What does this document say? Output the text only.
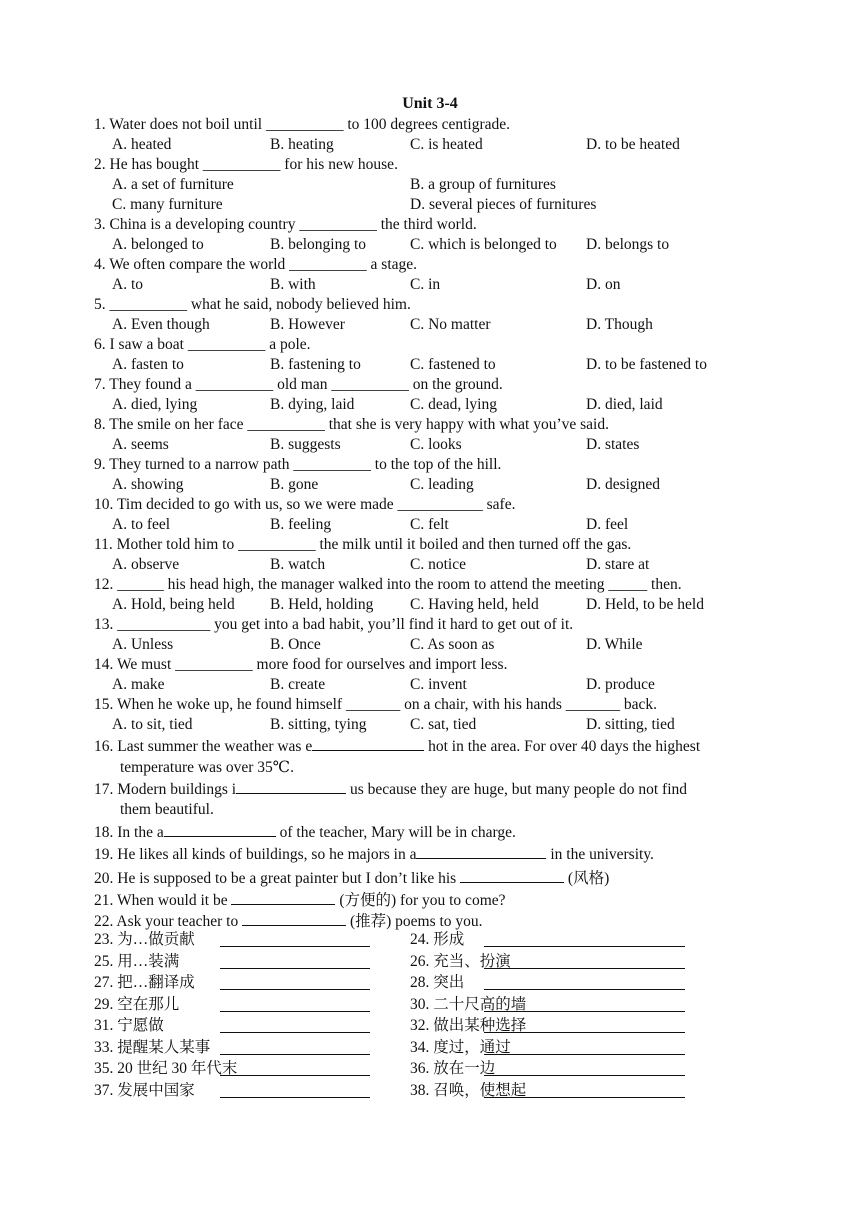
Unit 3-4
1. Water does not boil until __________ to 100 degrees centigrade.
A. heated	B. heating	C. is heated	D. to be heated
2. He has bought __________ for his new house.
A. a set of furniture	B. a group of furnitures
C. many furniture	D. several pieces of furnitures
3. China is a developing country __________ the third world.
A. belonged to	B. belonging to	C. which is belonged to D. belongs to
4. We often compare the world __________ a stage.
A. to	B. with	C. in	D. on
5. __________ what he said, nobody believed him.
A. Even though	B. However	C. No matter	D. Though
6. I saw a boat __________ a pole.
A. fasten to	B. fastening to	C. fastened to	D. to be fastened to
7. They found a __________ old man __________ on the ground.
A. died, lying	B. dying, laid	C. dead, lying	D. died, laid
8. The smile on her face __________ that she is very happy with what you’ve said.
A. seems	B. suggests	C. looks	D. states
9. They turned to a narrow path __________ to the top of the hill.
A. showing	B. gone	C. leading	D. designed
10. Tim decided to go with us, so we were made ___________ safe.
A. to feel	B. feeling	C. felt	D. feel
11. Mother told him to __________ the milk until it boiled and then turned off the gas.
A. observe	B. watch	C. notice	D. stare at
12. ______ his head high, the manager walked into the room to attend the meeting _____ then.
A. Hold, being held B. Held, holding C. Having held, held	D. Held, to be held
13. ____________ you get into a bad habit, you’ll find it hard to get out of it.
A. Unless	B. Once	C. As soon as	D. While
14. We must __________ more food for ourselves and import less.
A. make	B. create	C. invent	D. produce
15. When he woke up, he found himself _______ on a chair, with his hands _______ back.
A. to sit, tied	B. sitting, tying	C. sat, tied	D. sitting, tied
16. Last summer the weather was e	hot in the area. For over 40 days the highest
temperature was over 35℃.
17. Modern buildings i	us because they are huge, but many people do not find
them beautiful.
18. In the a	of the teacher, Mary will be in charge.
19. He likes all kinds of buildings, so he majors in a	in the university.
20. He is supposed to be a great painter but I don’t like his	(风格)
21. When would it be	(方便的) for you to come?
22. Ask your teacher to	(推荐) poems to you.
23. 为…做贡献	24. 形成
25. 用…装满	26. 充当、扮演
27. 把…翻译成	28. 突出
29. 空在那儿	30. 二十尺高的墙
31. 宁愿做	32. 做出某种选择
33. 提醒某人某事	34. 度过，通过
35. 20 世纪 30 年代末	36. 放在一边
37. 发展中国家	38. 召唤，使想起
